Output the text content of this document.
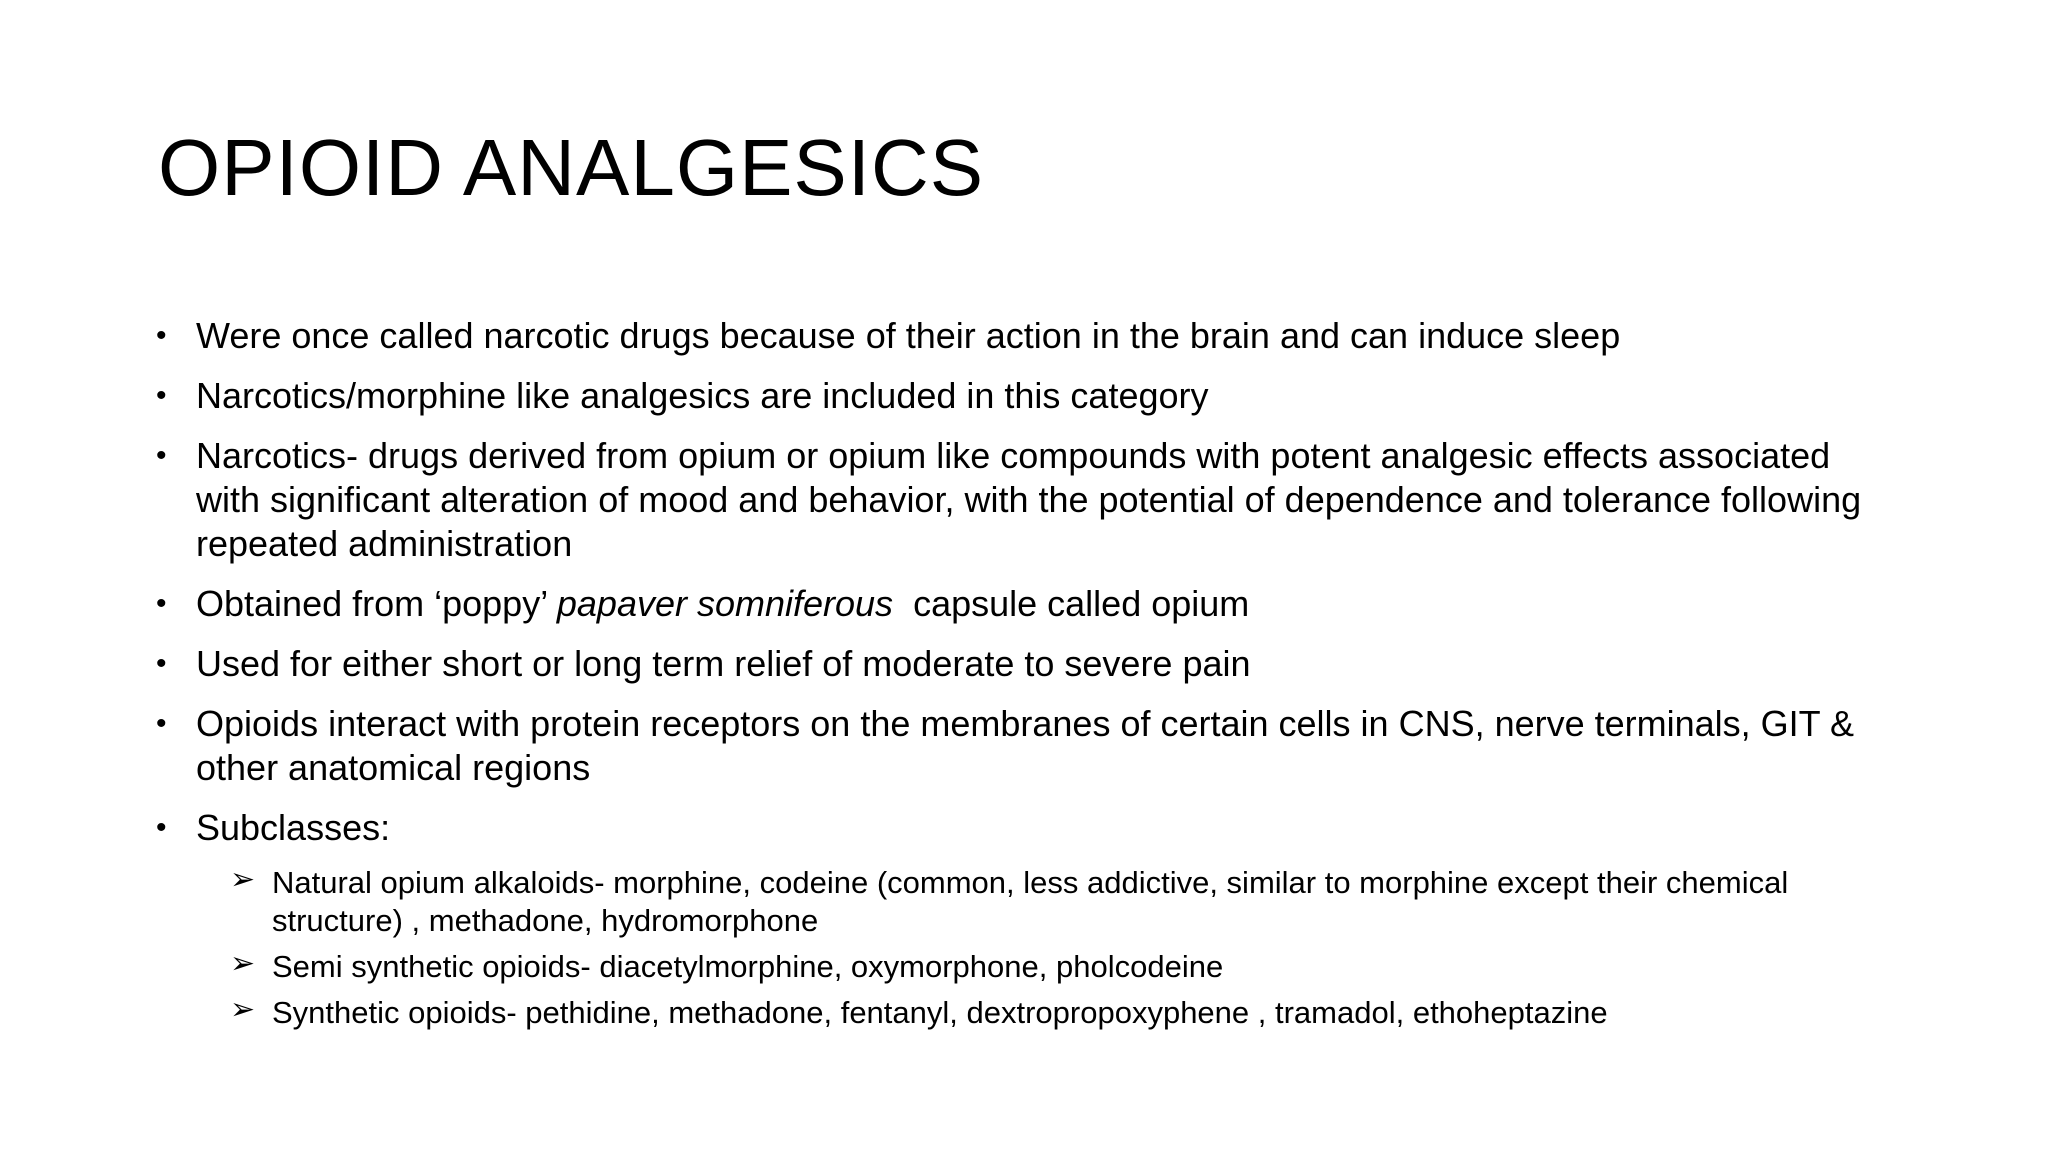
OPIOID ANALGESICS
• Were once called narcotic drugs because of their action in the brain and can induce sleep
• Narcotics/morphine like analgesics are included in this category
• Narcotics- drugs derived from opium or opium like compounds with potent analgesic effects associated with significant alteration of mood and behavior, with the potential of dependence and tolerance following repeated administration
• Obtained from ‘poppy’ papaver somniferous  capsule called opium
• Used for either short or long term relief of moderate to severe pain
• Opioids interact with protein receptors on the membranes of certain cells in CNS, nerve terminals, GIT & other anatomical regions
• Subclasses:
➢ Natural opium alkaloids- morphine, codeine (common, less addictive, similar to morphine except their chemical structure) , methadone, hydromorphone
➢ Semi synthetic opioids- diacetylmorphine, oxymorphone, pholcodeine
➢ Synthetic opioids- pethidine, methadone, fentanyl, dextropropoxyphene , tramadol, ethoheptazine
